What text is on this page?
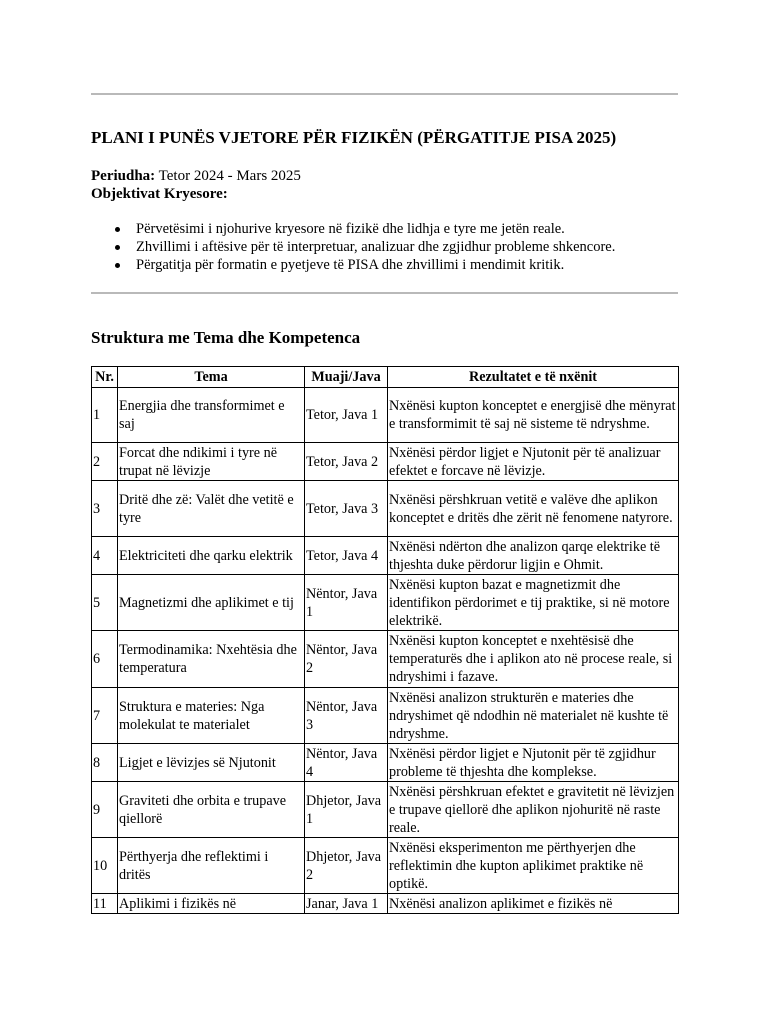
PLANI I PUNËS VJETORE PËR FIZIKËN (PËRGATITJE PISA 2025)
Periudha: Tetor 2024 - Mars 2025
Objektivat Kryesore:
Përvetësimi i njohurive kryesore në fizikë dhe lidhja e tyre me jetën reale.
Zhvillimi i aftësive për të interpretuar, analizuar dhe zgjidhur probleme shkencore.
Përgatitja për formatin e pyetjeve të PISA dhe zhvillimi i mendimit kritik.
Struktura me Tema dhe Kompetenca
Nr.	Tema	Muaji/Java	Rezultatet e të nxënit
1	Energjia dhe transformimet e saj	Tetor, Java 1	Nxënësi kupton konceptet e energjisë dhe mënyrat e transformimit të saj në sisteme të ndryshme.
2	Forcat dhe ndikimi i tyre në trupat në lëvizje	Tetor, Java 2	Nxënësi përdor ligjet e Njutonit për të analizuar efektet e forcave në lëvizje.
3	Dritë dhe zë: Valët dhe vetitë e tyre	Tetor, Java 3	Nxënësi përshkruan vetitë e valëve dhe aplikon konceptet e dritës dhe zërit në fenomene natyrore.
4	Elektriciteti dhe qarku elektrik	Tetor, Java 4	Nxënësi ndërton dhe analizon qarqe elektrike të thjeshta duke përdorur ligjin e Ohmit.
5	Magnetizmi dhe aplikimet e tij	Nëntor, Java 1	Nxënësi kupton bazat e magnetizmit dhe identifikon përdorimet e tij praktike, si në motore elektrikë.
6	Termodinamika: Nxehtësia dhe temperatura	Nëntor, Java 2	Nxënësi kupton konceptet e nxehtësisë dhe temperaturës dhe i aplikon ato në procese reale, si ndryshimi i fazave.
7	Struktura e materies: Nga molekulat te materialet	Nëntor, Java 3	Nxënësi analizon strukturën e materies dhe ndryshimet që ndodhin në materialet në kushte të ndryshme.
8	Ligjet e lëvizjes së Njutonit	Nëntor, Java 4	Nxënësi përdor ligjet e Njutonit për të zgjidhur probleme të thjeshta dhe komplekse.
9	Graviteti dhe orbita e trupave qiellorë	Dhjetor, Java 1	Nxënësi përshkruan efektet e gravitetit në lëvizjen e trupave qiellorë dhe aplikon njohuritë në raste reale.
10	Përthyerja dhe reflektimi i dritës	Dhjetor, Java 2	Nxënësi eksperimenton me përthyerjen dhe reflektimin dhe kupton aplikimet praktike në optikë.
11	Aplikimi i fizikës në	Janar, Java 1	Nxënësi analizon aplikimet e fizikës në
